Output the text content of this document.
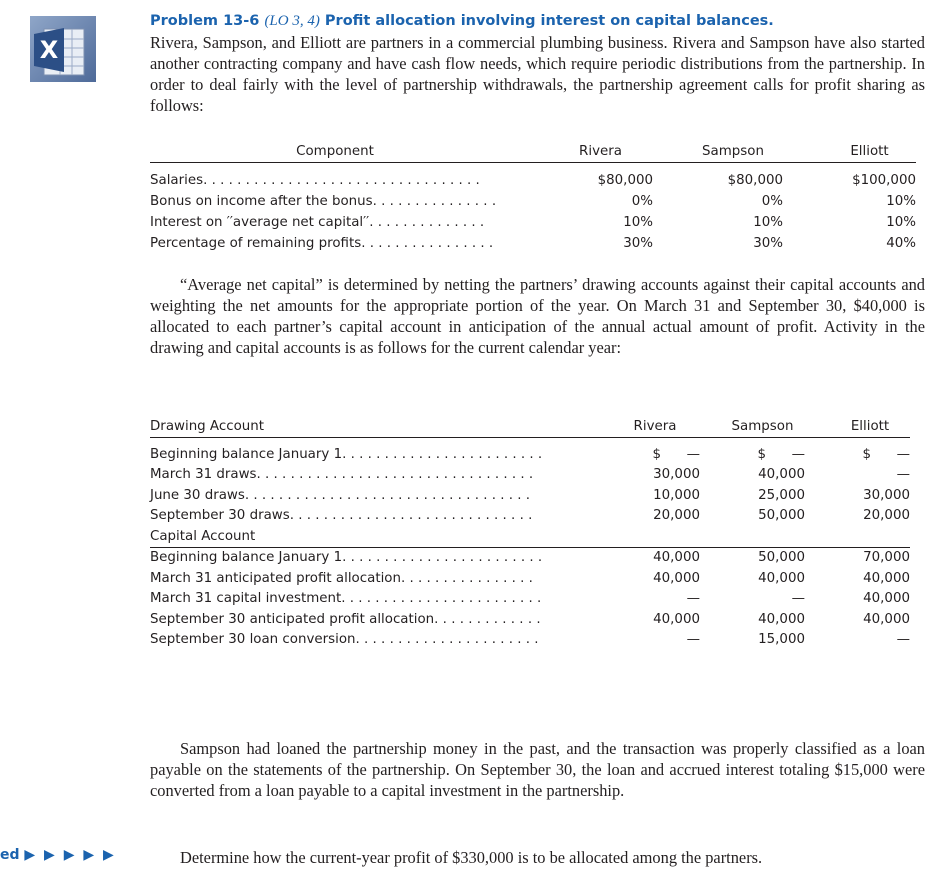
X
Problem 13-6 (LO 3, 4) Profit allocation involving interest on capital balances.

Rivera, Sampson, and Elliott are partners in a commercial plumbing business. Rivera and Sampson have also started another contracting company and have cash flow needs, which require periodic distributions from the partnership. In order to deal fairly with the level of partnership withdrawals, the partnership agreement calls for profit sharing as follows:

Component	Rivera	Sampson	Elliott

Salaries. . . . . . . . . . . . . . . . . . . . . . . . . . . . . . . . .	$80,000	$80,000	$100,000
Bonus on income after the bonus. . . . . . . . . . . . . . .	0%	0%	10%
Interest on ′′average net capital′′. . . . . . . . . . . . . .	10%	10%	10%
Percentage of remaining profits. . . . . . . . . . . . . . . .	30%	30%	40%

“Average net capital” is determined by netting the partners’ drawing accounts against their capital accounts and weighting the net amounts for the appropriate portion of the year. On March 31 and September 30, $40,000 is allocated to each partner’s capital account in anticipation of the annual actual amount of profit. Activity in the drawing and capital accounts is as follows for the current calendar year:

Drawing Account	Rivera	Sampson	Elliott

Beginning balance January 1. . . . . . . . . . . . . . . . . . . . . . . .	$      —	$      —	$      —
March 31 draws. . . . . . . . . . . . . . . . . . . . . . . . . . . . . . . . .	30,000	40,000	—
June 30 draws. . . . . . . . . . . . . . . . . . . . . . . . . . . . . . . . . .	10,000	25,000	30,000
September 30 draws. . . . . . . . . . . . . . . . . . . . . . . . . . . . .	20,000	50,000	20,000
Capital Account			
Beginning balance January 1. . . . . . . . . . . . . . . . . . . . . . . .	40,000	50,000	70,000
March 31 anticipated profit allocation. . . . . . . . . . . . . . . .	40,000	40,000	40,000
March 31 capital investment. . . . . . . . . . . . . . . . . . . . . . . .	—	—	40,000
September 30 anticipated profit allocation. . . . . . . . . . . . .	40,000	40,000	40,000
September 30 loan conversion. . . . . . . . . . . . . . . . . . . . . .	—	15,000	—

Sampson had loaned the partnership money in the past, and the transaction was properly classified as a loan payable on the statements of the partnership. On September 30, the loan and accrued interest totaling $15,000 were converted from a loan payable to a capital investment in the partnership.

ed ▶ ▶ ▶ ▶ ▶	Determine how the current-year profit of $330,000 is to be allocated among the partners.
